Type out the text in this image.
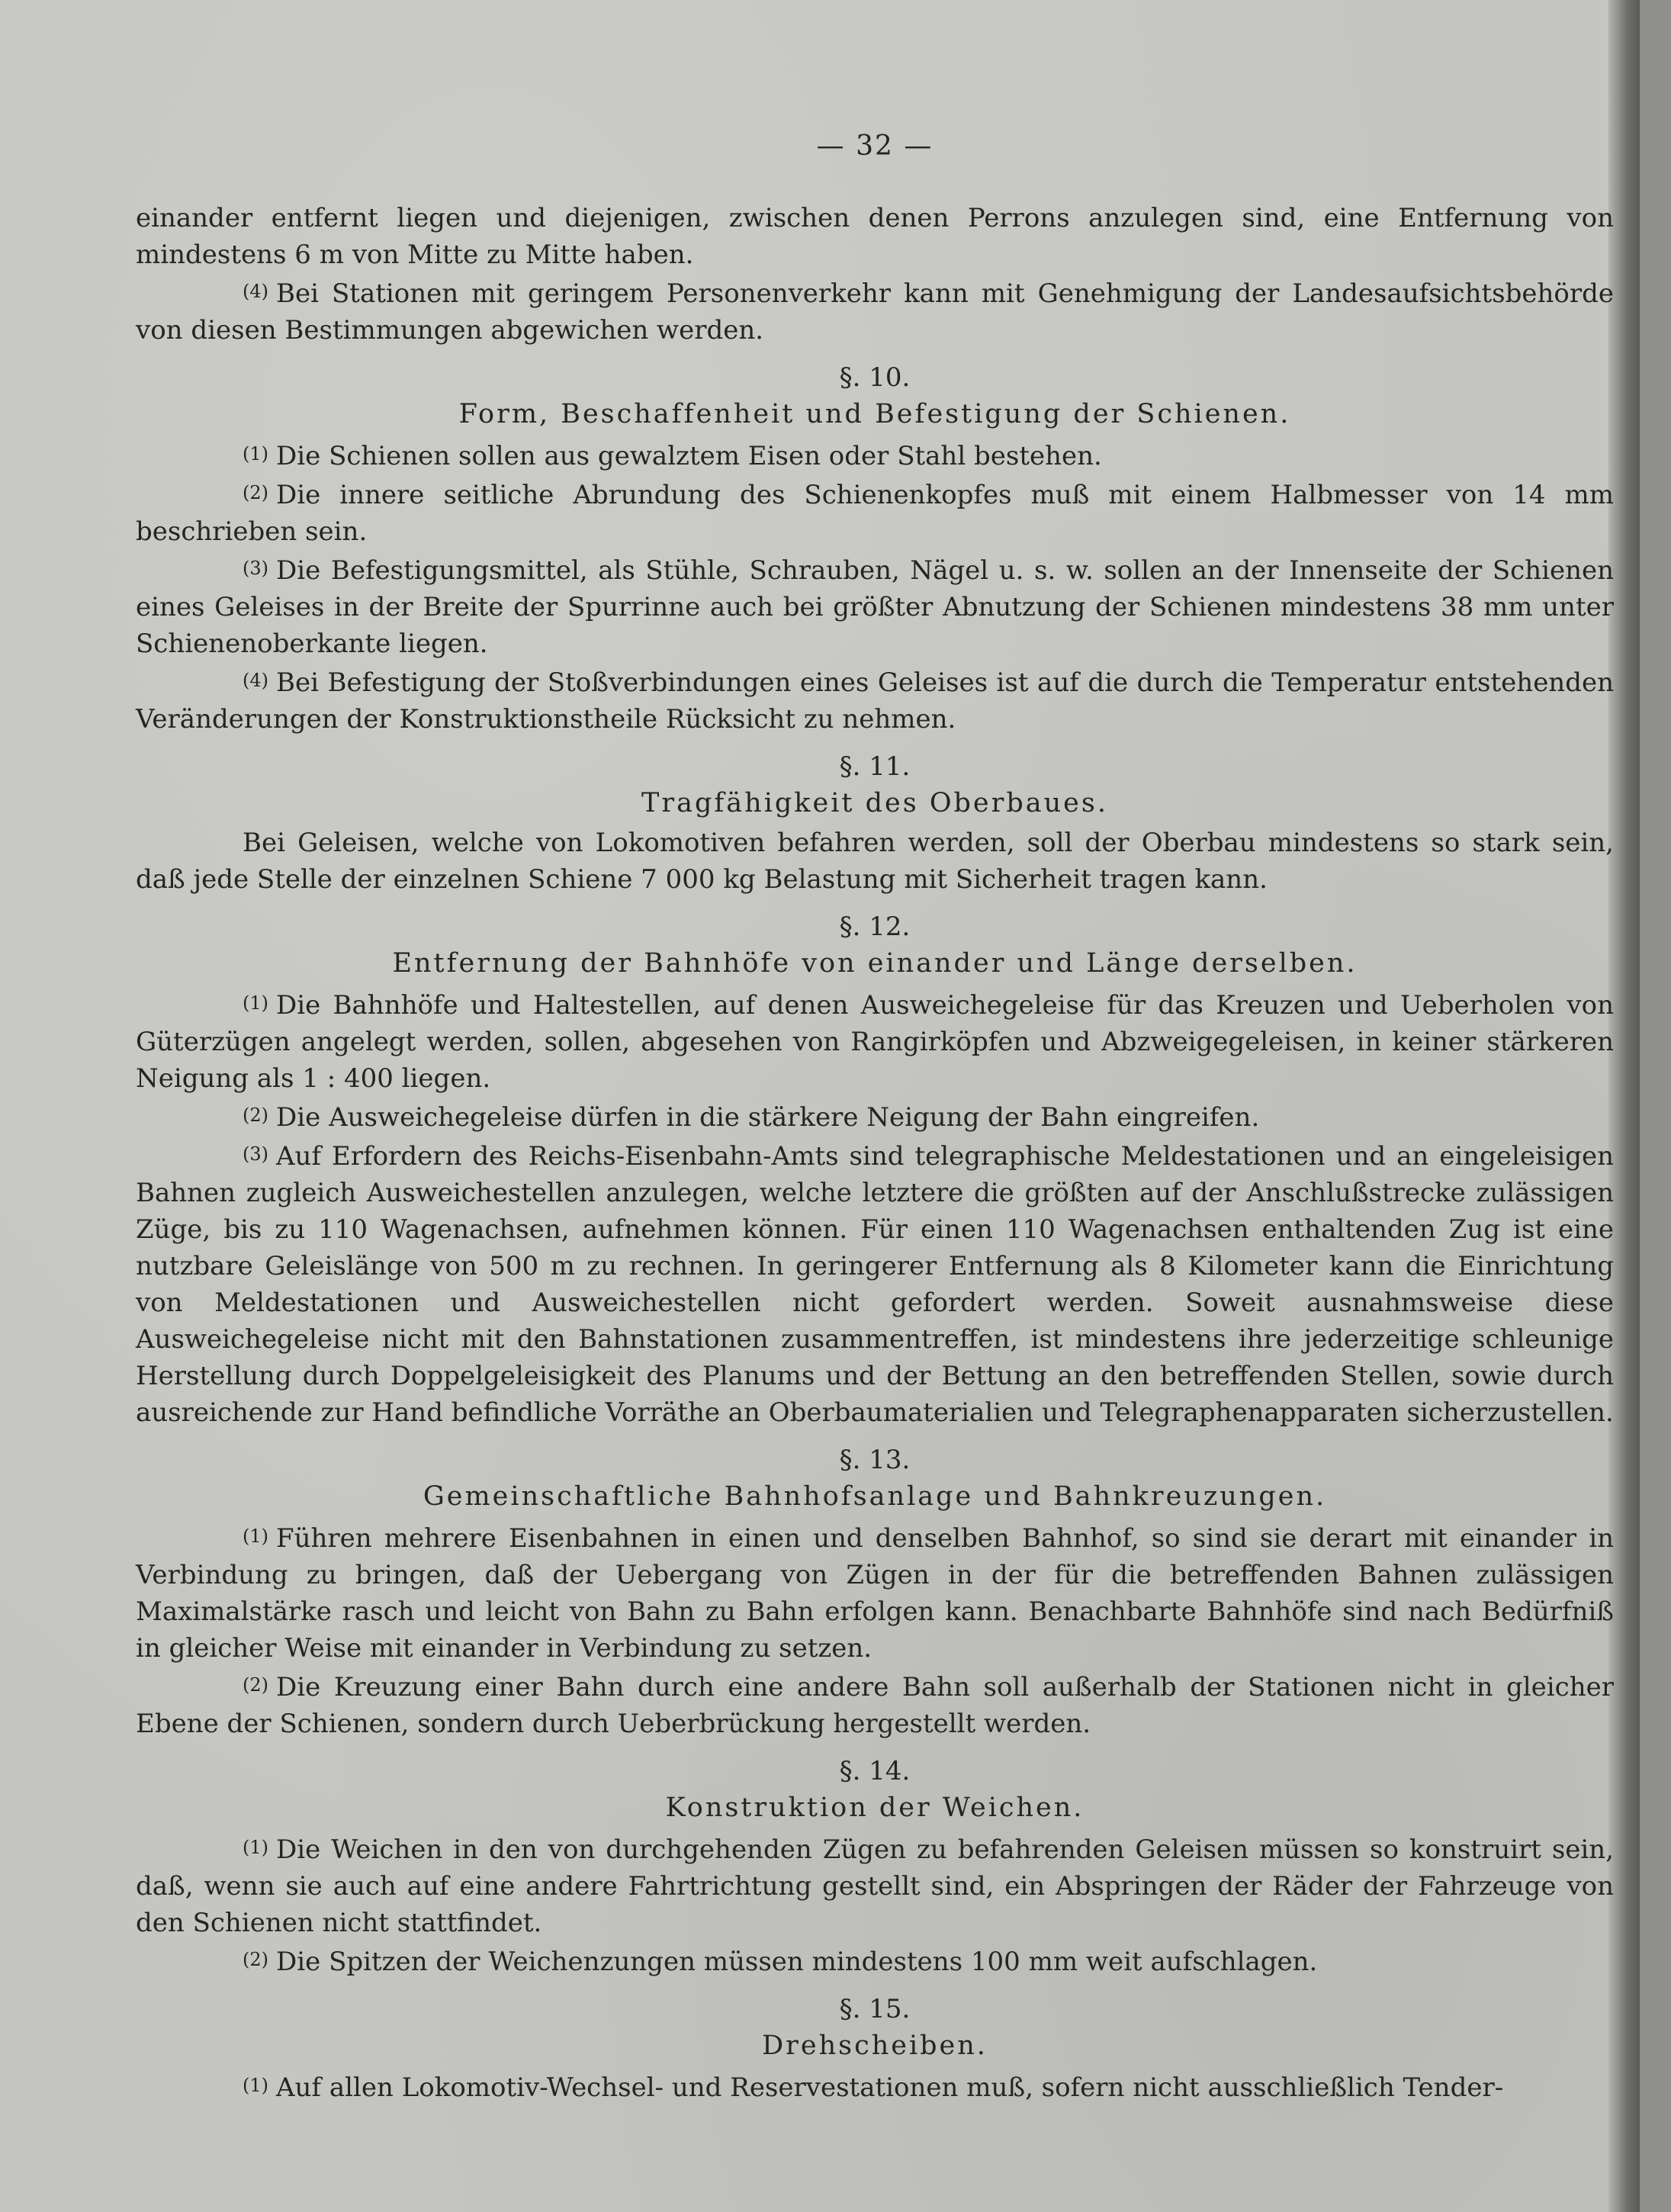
— 32 —

einander entfernt liegen und diejenigen, zwischen denen Perrons anzulegen sind, eine Entfernung von mindestens 6 m von Mitte zu Mitte haben.

(4) Bei Stationen mit geringem Personenverkehr kann mit Genehmigung der Landesaufsichtsbehörde von diesen Bestimmungen abgewichen werden.

§. 10.
Form, Beschaffenheit und Befestigung der Schienen.

(1) Die Schienen sollen aus gewalztem Eisen oder Stahl bestehen.

(2) Die innere seitliche Abrundung des Schienenkopfes muß mit einem Halbmesser von 14 mm beschrieben sein.

(3) Die Befestigungsmittel, als Stühle, Schrauben, Nägel u. s. w. sollen an der Innenseite der Schienen eines Geleises in der Breite der Spurrinne auch bei größter Abnutzung der Schienen mindestens 38 mm unter Schienenoberkante liegen.

(4) Bei Befestigung der Stoßverbindungen eines Geleises ist auf die durch die Temperatur entstehenden Veränderungen der Konstruktionstheile Rücksicht zu nehmen.

§. 11.
Tragfähigkeit des Oberbaues.

Bei Geleisen, welche von Lokomotiven befahren werden, soll der Oberbau mindestens so stark sein, daß jede Stelle der einzelnen Schiene 7 000 kg Belastung mit Sicherheit tragen kann.

§. 12.
Entfernung der Bahnhöfe von einander und Länge derselben.

(1) Die Bahnhöfe und Haltestellen, auf denen Ausweichegeleise für das Kreuzen und Ueberholen von Güterzügen angelegt werden, sollen, abgesehen von Rangirköpfen und Abzweigegeleisen, in keiner stärkeren Neigung als 1 : 400 liegen.

(2) Die Ausweichegeleise dürfen in die stärkere Neigung der Bahn eingreifen.

(3) Auf Erfordern des Reichs-Eisenbahn-Amts sind telegraphische Meldestationen und an eingeleisigen Bahnen zugleich Ausweichestellen anzulegen, welche letztere die größten auf der Anschlußstrecke zulässigen Züge, bis zu 110 Wagenachsen, aufnehmen können. Für einen 110 Wagenachsen enthaltenden Zug ist eine nutzbare Geleislänge von 500 m zu rechnen. In geringerer Entfernung als 8 Kilometer kann die Einrichtung von Meldestationen und Ausweichestellen nicht gefordert werden. Soweit ausnahmsweise diese Ausweichegeleise nicht mit den Bahnstationen zusammentreffen, ist mindestens ihre jederzeitige schleunige Herstellung durch Doppelgeleisigkeit des Planums und der Bettung an den betreffenden Stellen, sowie durch ausreichende zur Hand befindliche Vorräthe an Oberbaumaterialien und Telegraphenapparaten sicherzustellen.

§. 13.
Gemeinschaftliche Bahnhofsanlage und Bahnkreuzungen.

(1) Führen mehrere Eisenbahnen in einen und denselben Bahnhof, so sind sie derart mit einander in Verbindung zu bringen, daß der Uebergang von Zügen in der für die betreffenden Bahnen zulässigen Maximalstärke rasch und leicht von Bahn zu Bahn erfolgen kann. Benachbarte Bahnhöfe sind nach Bedürfniß in gleicher Weise mit einander in Verbindung zu setzen.

(2) Die Kreuzung einer Bahn durch eine andere Bahn soll außerhalb der Stationen nicht in gleicher Ebene der Schienen, sondern durch Ueberbrückung hergestellt werden.

§. 14.
Konstruktion der Weichen.

(1) Die Weichen in den von durchgehenden Zügen zu befahrenden Geleisen müssen so konstruirt sein, daß, wenn sie auch auf eine andere Fahrtrichtung gestellt sind, ein Abspringen der Räder der Fahrzeuge von den Schienen nicht stattfindet.

(2) Die Spitzen der Weichenzungen müssen mindestens 100 mm weit aufschlagen.

§. 15.
Drehscheiben.

(1) Auf allen Lokomotiv-Wechsel- und Reservestationen muß, sofern nicht ausschließlich Tender-
